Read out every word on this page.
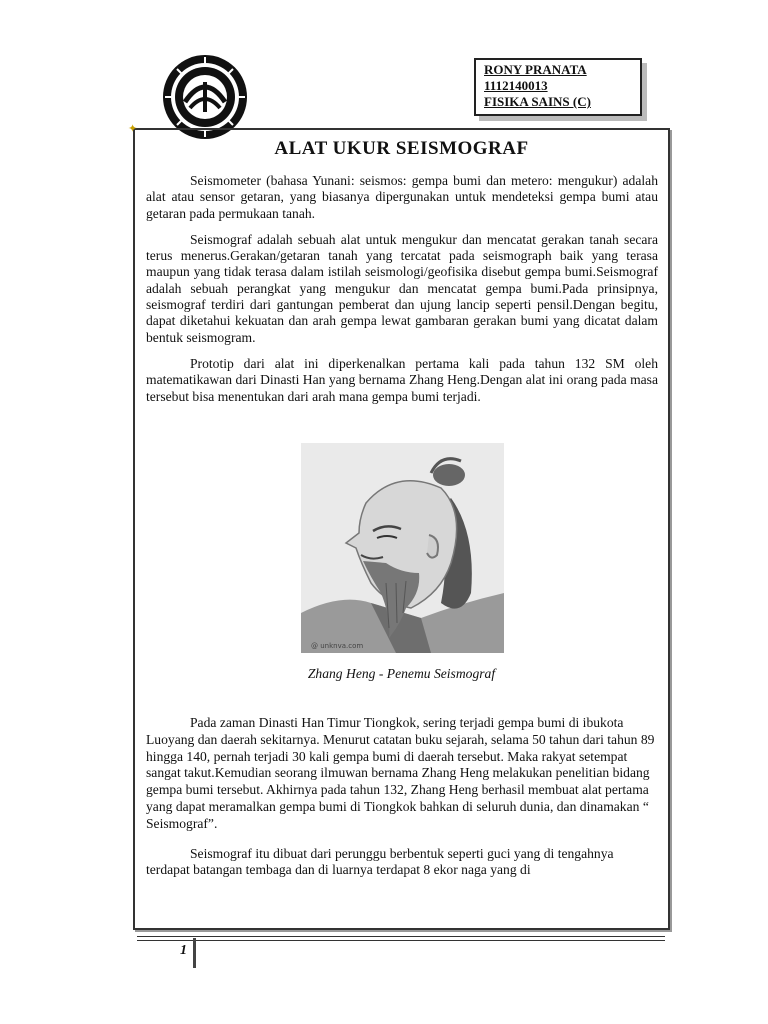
RONY PRANATA
1112140013
FISIKA SAINS (C)
✦
ALAT UKUR SEISMOGRAF

Seismometer (bahasa Yunani: seismos: gempa bumi dan metero: mengukur) adalah alat atau sensor getaran, yang biasanya dipergunakan untuk mendeteksi gempa bumi atau getaran pada permukaan tanah.

Seismograf adalah sebuah alat untuk mengukur dan mencatat gerakan tanah secara terus menerus.Gerakan/getaran tanah yang tercatat pada seismograph baik yang terasa maupun yang tidak terasa dalam istilah seismologi/geofisika disebut gempa bumi.Seismograf adalah sebuah perangkat yang mengukur dan mencatat gempa bumi.Pada prinsipnya, seismograf terdiri dari gantungan pemberat dan ujung lancip seperti pensil.Dengan begitu, dapat diketahui kekuatan dan arah gempa lewat gambaran gerakan bumi yang dicatat dalam bentuk seismogram.

Prototip dari alat ini diperkenalkan pertama kali pada tahun 132 SM oleh matematikawan dari Dinasti Han yang bernama Zhang Heng.Dengan alat ini orang pada masa tersebut bisa menentukan dari arah mana gempa bumi terjadi.

@ unknva.com
Zhang Heng - Penemu Seismograf

Pada zaman Dinasti Han Timur Tiongkok, sering terjadi gempa bumi di ibukota Luoyang dan daerah sekitarnya. Menurut catatan buku sejarah, selama 50 tahun dari tahun 89 hingga 140, pernah terjadi 30 kali gempa bumi di daerah tersebut. Maka rakyat setempat sangat takut.Kemudian seorang ilmuwan bernama Zhang Heng melakukan penelitian bidang gempa bumi tersebut. Akhirnya pada tahun 132, Zhang Heng berhasil membuat alat pertama yang dapat meramalkan gempa bumi di Tiongkok bahkan di seluruh dunia, dan dinamakan “ Seismograf”.

Seismograf itu dibuat dari perunggu berbentuk seperti guci yang di tengahnya terdapat batangan tembaga dan di luarnya terdapat 8 ekor naga yang di

1
